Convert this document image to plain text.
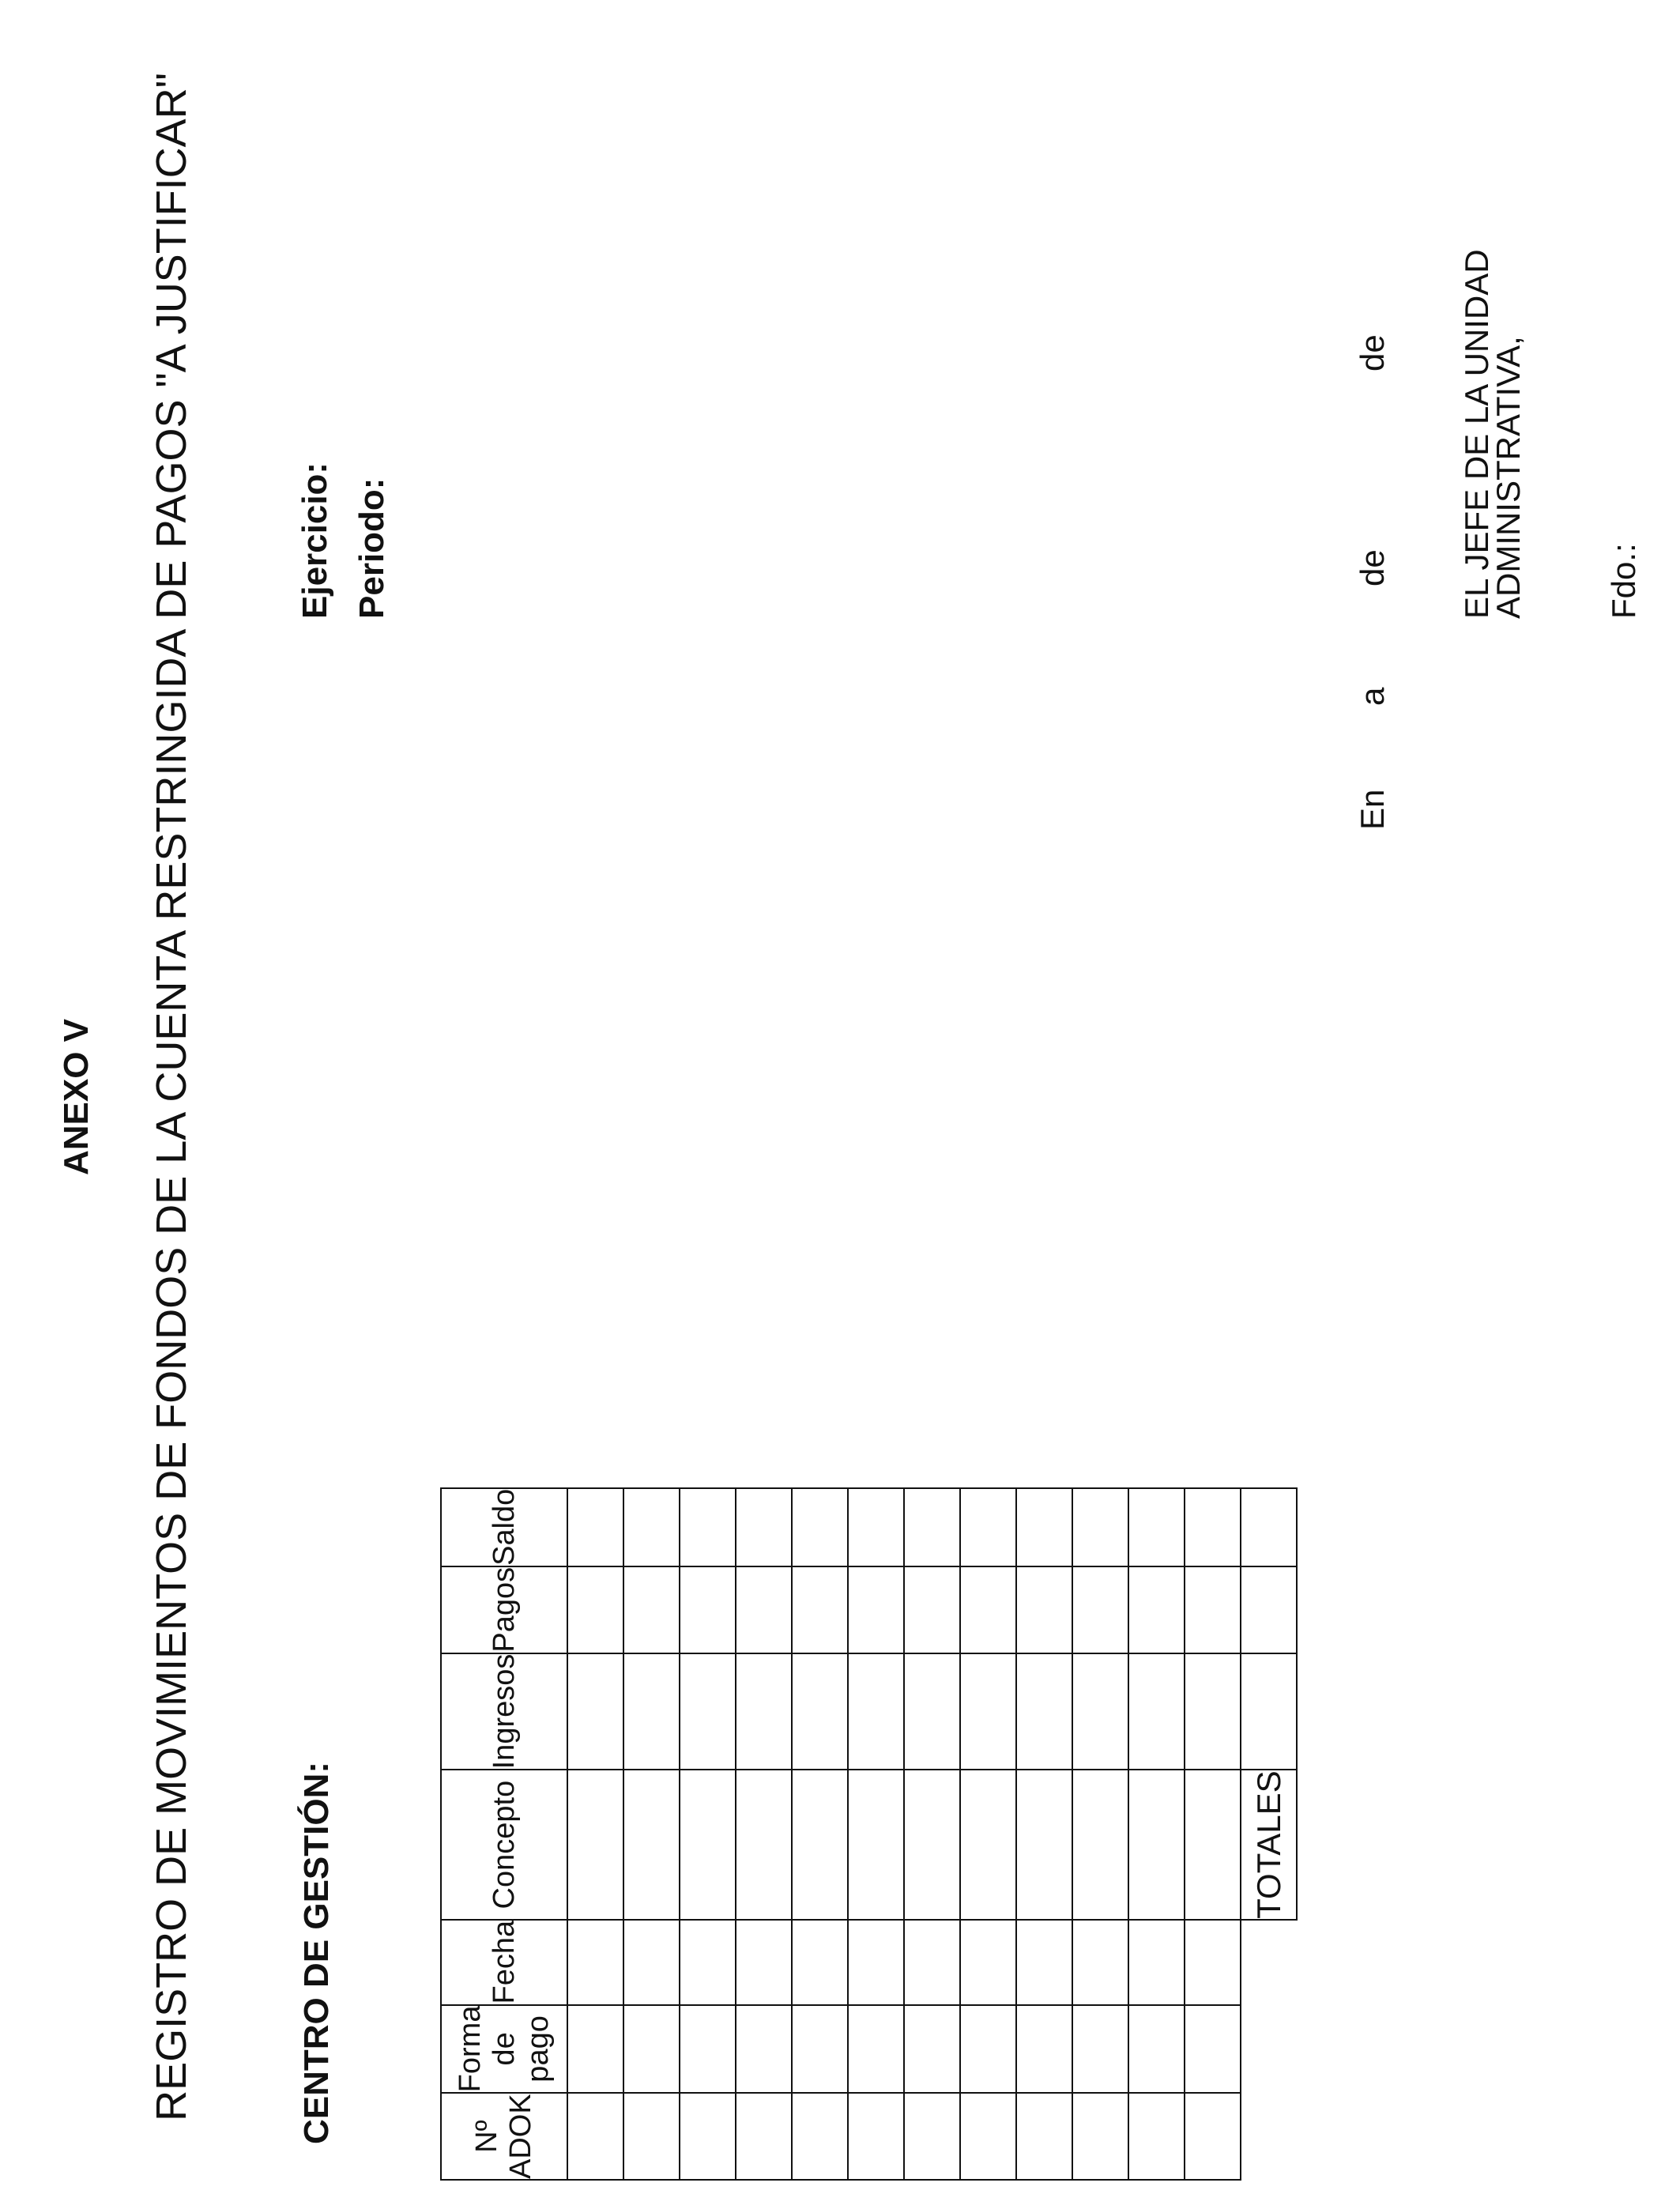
ANEXO V REGISTRO DE MOVIMIENTOS DE FONDOS DE LA CUENTA RESTRINGIDA DE PAGOS "A JUSTIFICAR"	CENTRO DE GESTIÓN:
Ejercicio: Periodo:
Nº ADOK	Forma de pago	Fecha	Concepto	Ingresos	Pagos	Saldo

			TOTALES			
En
a
de
de EL JEFE DE LA UNIDAD ADMINISTRATIVA, Fdo.:
